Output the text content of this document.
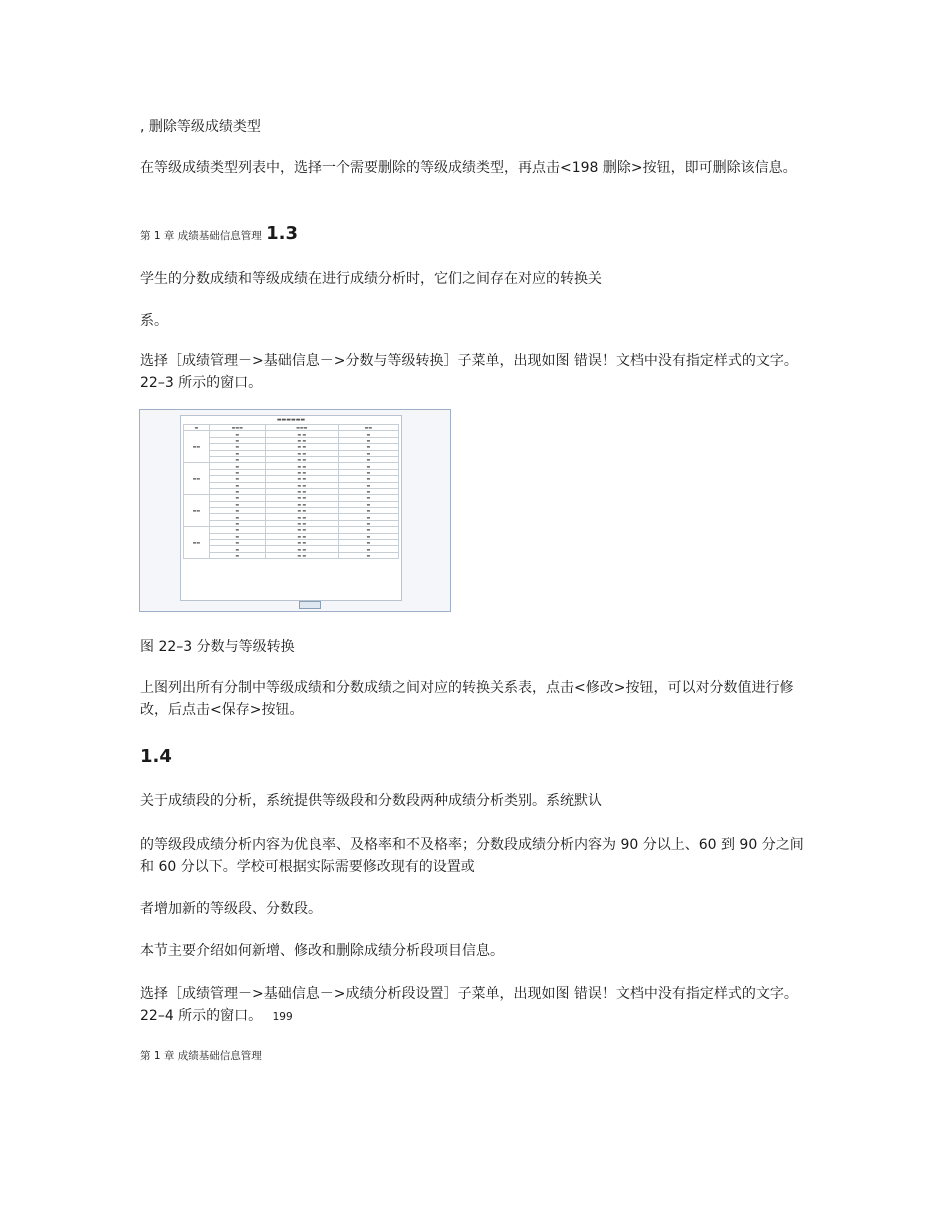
, 删除等级成绩类型
在等级成绩类型列表中，选择一个需要删除的等级成绩类型，再点击<198 删除>按钮，即可删除该信息。
第 1 章 成绩基础信息管理 1.3
学生的分数成绩和等级成绩在进行成绩分析时，它们之间存在对应的转换关
系。
选择［成绩管理－>基础信息－>分数与等级转换］子菜单，出现如图 错误！文档中没有指定样式的文字。22–3 所示的窗口。
▬▬▬▬▬▬
▬	▬▬▬	▬▬▬	▬▬
▬▬	▬	▬ ▬	▬
	▬	▬ ▬	▬
	▬	▬ ▬	▬
	▬	▬ ▬	▬
	▬	▬ ▬	▬
▬▬	▬	▬ ▬	▬
	▬	▬ ▬	▬
	▬	▬ ▬	▬
	▬	▬ ▬	▬
	▬	▬ ▬	▬
▬▬	▬	▬ ▬	▬
	▬	▬ ▬	▬
	▬	▬ ▬	▬
	▬	▬ ▬	▬
	▬	▬ ▬	▬
▬▬	▬	▬ ▬	▬
	▬	▬ ▬	▬
	▬	▬ ▬	▬
	▬	▬ ▬	▬
	▬	▬ ▬	▬
图 22–3 分数与等级转换
上图列出所有分制中等级成绩和分数成绩之间对应的转换关系表，点击<修改>按钮，可以对分数值进行修改，后点击<保存>按钮。
1.4
关于成绩段的分析，系统提供等级段和分数段两种成绩分析类别。系统默认
的等级段成绩分析内容为优良率、及格率和不及格率；分数段成绩分析内容为 90 分以上、60 到 90 分之间和 60 分以下。学校可根据实际需要修改现有的设置或
者增加新的等级段、分数段。
本节主要介绍如何新增、修改和删除成绩分析段项目信息。
选择［成绩管理－>基础信息－>成绩分析段设置］子菜单，出现如图 错误！文档中没有指定样式的文字。22–4 所示的窗口。 199
第 1 章 成绩基础信息管理
